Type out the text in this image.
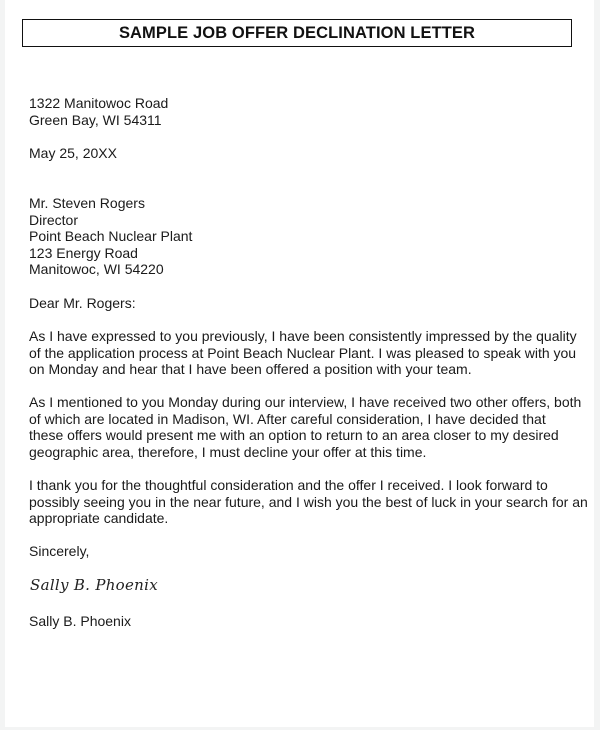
SAMPLE JOB OFFER DECLINATION LETTER
1322 Manitowoc Road
Green Bay, WI 54311
May 25, 20XX
Mr. Steven Rogers
Director
Point Beach Nuclear Plant
123 Energy Road
Manitowoc, WI 54220
Dear Mr. Rogers:
As I have expressed to you previously, I have been consistently impressed by the quality
of the application process at Point Beach Nuclear Plant. I was pleased to speak with you
on Monday and hear that I have been offered a position with your team.
As I mentioned to you Monday during our interview, I have received two other offers, both
of which are located in Madison, WI. After careful consideration, I have decided that
these offers would present me with an option to return to an area closer to my desired
geographic area, therefore, I must decline your offer at this time.
I thank you for the thoughtful consideration and the offer I received. I look forward to
possibly seeing you in the near future, and I wish you the best of luck in your search for an
appropriate candidate.
Sincerely,
Sally B. Phoenix
Sally B. Phoenix
